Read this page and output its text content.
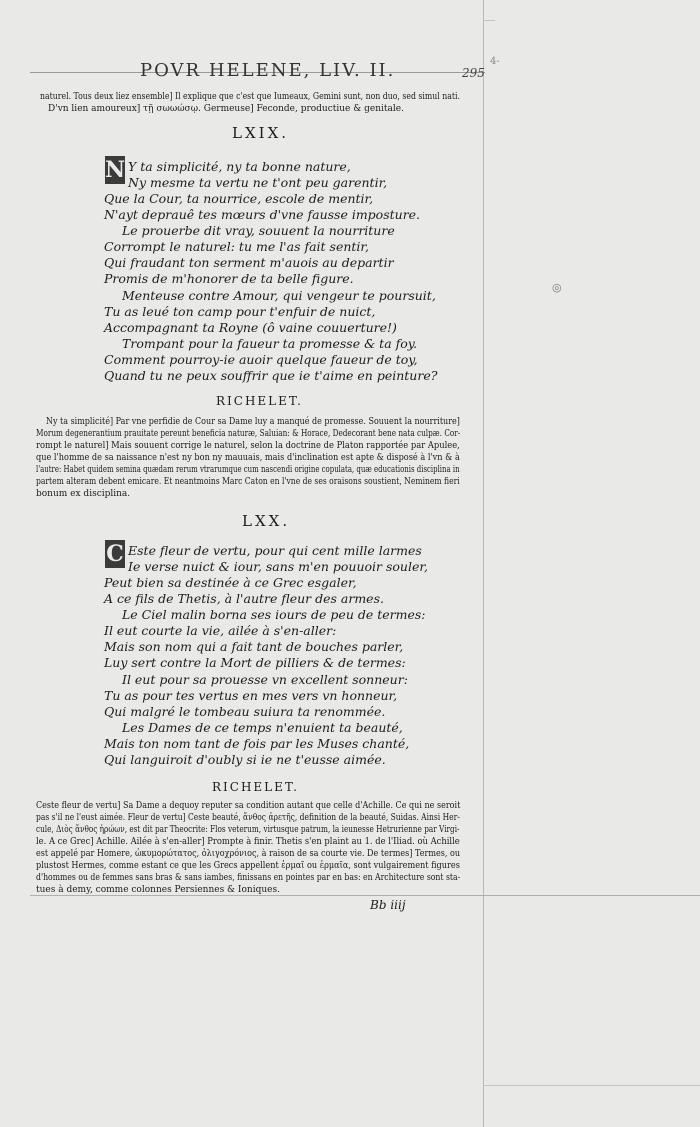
POVR HELENE, LIV. II.	295
4-
◎
naturel. Tous deux liez ensemble] Il explique que c'est que Iumeaux, Gemini sunt, non duo, sed simul nati.
D'vn lien amoureux] τῇ σωωώσῳ. Germeuse] Feconde, productiue & genitale.
LXIX.
N Y ta simplicité, ny ta bonne nature,
Ny mesme ta vertu ne t'ont peu garentir,
Que la Cour, ta nourrice, escole de mentir,
N'ayt deprauê tes mœurs d'vne fausse imposture.
Le prouerbe dit vray, souuent la nourriture
Corrompt le naturel: tu me l'as fait sentir,
Qui fraudant ton serment m'auois au departir
Promis de m'honorer de ta belle figure.
Menteuse contre Amour, qui vengeur te poursuit,
Tu as leué ton camp pour t'enfuir de nuict,
Accompagnant ta Royne (ô vaine couuerture!)
Trompant pour la faueur ta promesse & ta foy.
Comment pourroy-ie auoir quelque faueur de toy,
Quand tu ne peux souffrir que ie t'aime en peinture?
RICHELET.
Ny ta simplicité] Par vne perfidie de Cour sa Dame luy a manqué de promesse. Souuent la nourriture]
Morum degenerantium prauitate pereunt beneficia naturæ, Saluian: & Horace, Dedecorant bene nata culpæ. Cor-
rompt le naturel] Mais souuent corrige le naturel, selon la doctrine de Platon rapportée par Apulee,
que l'homme de sa naissance n'est ny bon ny mauuais, mais d'inclination est apte & disposé à l'vn & à
l'autre: Habet quidem semina quædam rerum vtrarumque cum nascendi origine copulata, quæ educationis disciplina in
partem alteram debent emicare. Et neantmoins Marc Caton en l'vne de ses oraisons soustient, Neminem fieri
bonum ex disciplina.
LXX.
C Este fleur de vertu, pour qui cent mille larmes
Ie verse nuict & iour, sans m'en pouuoir souler,
Peut bien sa destinée à ce Grec esgaler,
A ce fils de Thetis, à l'autre fleur des armes.
Le Ciel malin borna ses iours de peu de termes:
Il eut courte la vie, ailée à s'en-aller:
Mais son nom qui a fait tant de bouches parler,
Luy sert contre la Mort de pilliers & de termes:
Il eut pour sa prouesse vn excellent sonneur:
Tu as pour tes vertus en mes vers vn honneur,
Qui malgré le tombeau suiura ta renommée.
Les Dames de ce temps n'enuient ta beauté,
Mais ton nom tant de fois par les Muses chanté,
Qui languiroit d'oubly si ie ne t'eusse aimée.
RICHELET.
Ceste fleur de vertu] Sa Dame a dequoy reputer sa condition autant que celle d'Achille. Ce qui ne seroit
pas s'il ne l'eust aimée. Fleur de vertu] Ceste beauté, ἄνθος ἀρετῆς, definition de la beauté, Suidas. Ainsi Her-
cule, Διὸς ἄνθος ἡρώων, est dit par Theocrite: Flos veterum, virtusque patrum, la ieunesse Hetrurienne par Virgi-
le. A ce Grec] Achille. Ailée à s'en-aller] Prompte à finir. Thetis s'en plaint au 1. de l'Iliad. où Achille
est appelé par Homere, ὠκυμορώτατος, ὀλιγοχρόνιος, à raison de sa courte vie. De termes] Termes, ou
plustost Hermes, comme estant ce que les Grecs appellent ἑρμαῖ ou ἑρμαῖα, sont vulgairement figures
d'hommes ou de femmes sans bras & sans iambes, finissans en pointes par en bas: en Architecture sont sta-
tues à demy, comme colonnes Persiennes & Ioniques.
Bb iiij
